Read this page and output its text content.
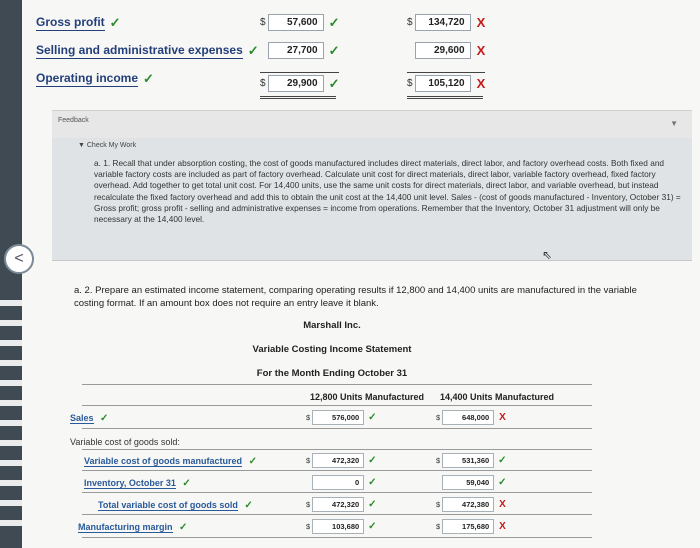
Gross profit ✓	$	57,600 ✓	$	134,720 X
Selling and administrative expenses ✓	27,700 ✓	29,600 X
Operating income ✓	$	29,900 ✓	$	105,120 X
Feedback	▼
▼ Check My Work
a. 1. Recall that under absorption costing, the cost of goods manufactured includes direct materials, direct labor, and factory overhead costs. Both fixed and variable factory costs are included as part of factory overhead. Calculate unit cost for direct materials, direct labor, variable factory overhead, fixed factory overhead. Add together to get total unit cost. For 14,400 units, use the same unit costs for direct materials, direct labor, and variable overhead, but instead recalculate the fixed factory overhead and add this to obtain the unit cost at the 14,400 unit level. Sales - (cost of goods manufactured - Inventory, October 31) = Gross profit; gross profit - selling and administrative expenses = income from operations. Remember that the Inventory, October 31 adjustment will only be necessary at the 14,400 level.
⇖
a. 2. Prepare an estimated income statement, comparing operating results if 12,800 and 14,400 units are manufactured in the variable costing format. If an amount box does not require an entry leave it blank.
Marshall Inc.
Variable Costing Income Statement
For the Month Ending October 31
12,800 Units Manufactured 14,400 Units Manufactured
Sales ✓	$	576,000 ✓	$	648,000	X
Variable cost of goods sold:
Variable cost of goods manufactured ✓	$	472,320 ✓	$	531,360 ✓
Inventory, October 31 ✓	0 ✓	59,040 ✓
Total variable cost of goods sold ✓	$	472,320 ✓	$	472,380	X
Manufacturing margin ✓	$	103,680 ✓	$	175,680	X
<
